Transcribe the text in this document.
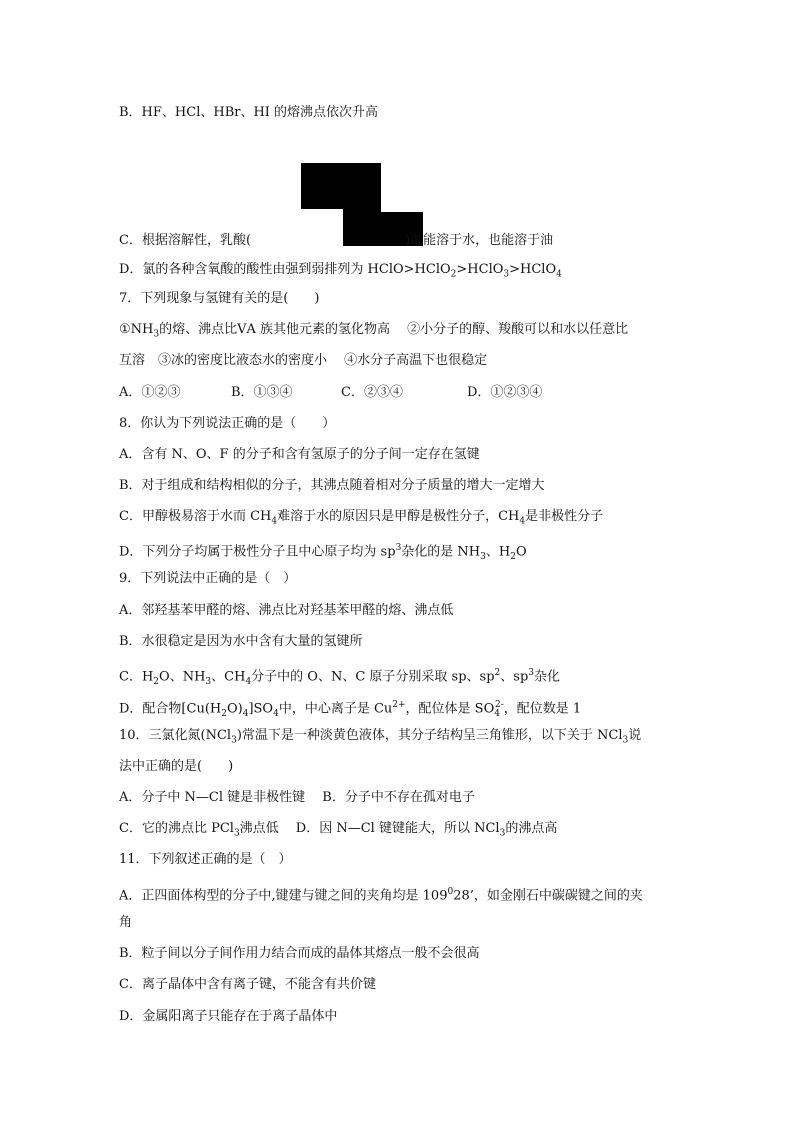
B．HF、HCl、HBr、HI 的熔沸点依次升高
C．根据溶解性，乳酸(	)既能溶于水，也能溶于油
D．氯的各种含氧酸的酸性由强到弱排列为 HClO>HClO$_2$>HClO$_3$>HClO$_4$
7．下列现象与氢键有关的是(　　)
$①NH_3$的熔、沸点比ⅤA 族其他元素的氢化物高　 ②小分子的醇、羧酸可以和水以任意比
互溶　③冰的密度比液态水的密度小　 ④水分子高温下也很稳定
A．①②③	B．①③④	C．②③④	D．①②③④
8．你认为下列说法正确的是（　　）
A．含有 N、O、F 的分子和含有氢原子的分子间一定存在氢键
B．对于组成和结构相似的分子，其沸点随着相对分子质量的增大一定增大
C．甲醇极易溶于水而 $CH_4$难溶于水的原因只是甲醇是极性分子，$CH_4$是非极性分子
D．下列分子均属于极性分子且中心原子均为 $sp^3$杂化的是 $NH_3$、$H_2O$
9．下列说法中正确的是（　）
A．邻羟基苯甲醛的熔、沸点比对羟基苯甲醛的熔、沸点低
B．水很稳定是因为水中含有大量的氢键所
C．$H_2O$、$NH_3$、$CH_4$分子中的 O、N、C 原子分别采取 sp、$sp^2$、$sp^3$杂化
D．配合物$[Cu(H_2O)_4]SO_4$中，中心离子是 $Cu^{2+}$，配位体是 $SO_4^{2-}$，配位数是 1
10．三氯化氮(NCl$_3$)常温下是一种淡黄色液体，其分子结构呈三角锥形，以下关于 NCl$_3$说
法中正确的是(　　)
A．分子中 N—Cl 键是非极性键　 B．分子中不存在孤对电子
C．它的沸点比 PCl$_3$沸点低　 D．因 N—Cl 键键能大，所以 NCl$_3$的沸点高
11．下列叙述正确的是（　）
A．正四面体构型的分子中,键建与键之间的夹角均是 $109^028$’，如金刚石中碳碳键之间的夹
角
B．粒子间以分子间作用力结合而成的晶体其熔点一般不会很高
C．离子晶体中含有离子键，不能含有共价键
D．金属阳离子只能存在于离子晶体中
